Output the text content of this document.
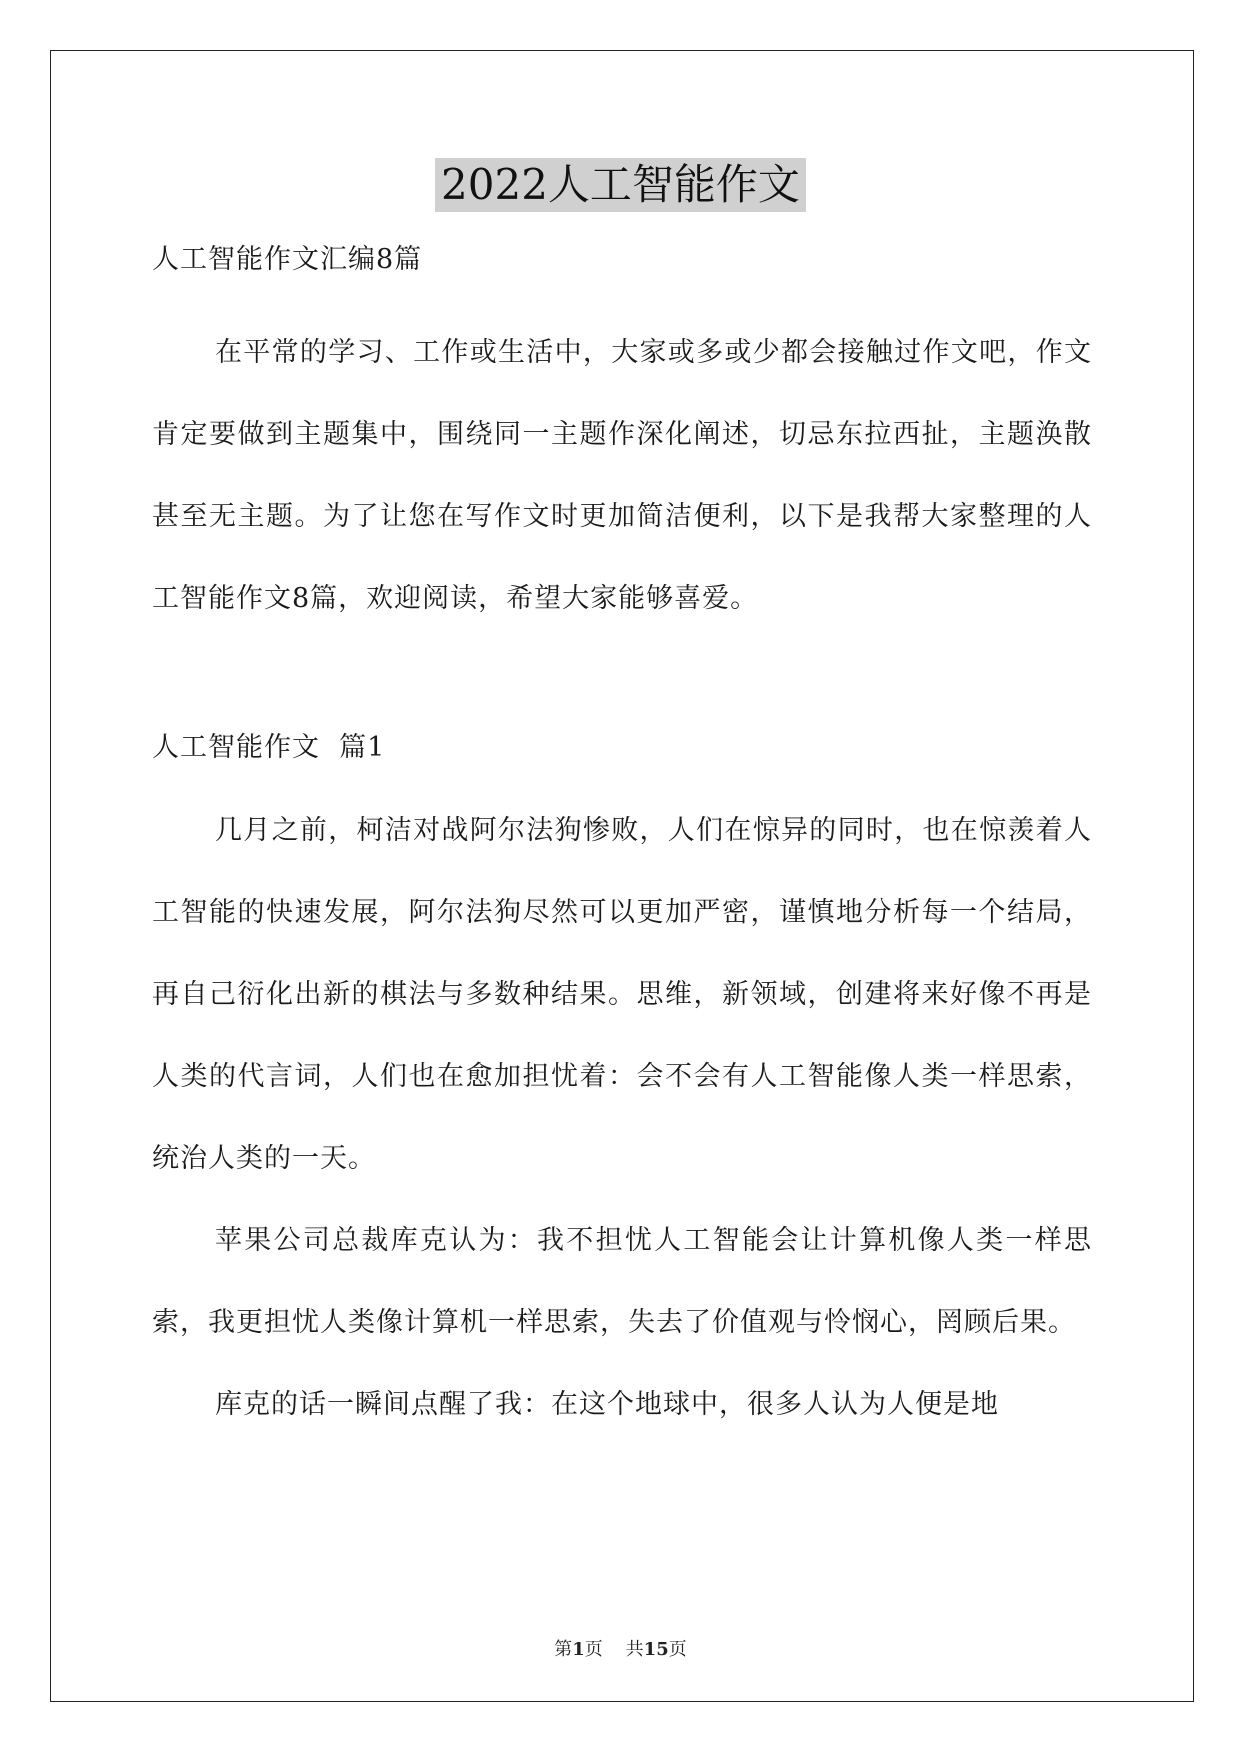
2022人工智能作文
人工智能作文汇编8篇

在平常的学习、工作或生活中，大家或多或少都会接触过作文吧，作文肯定要做到主题集中，围绕同一主题作深化阐述，切忌东拉西扯，主题涣散甚至无主题。为了让您在写作文时更加简洁便利，以下是我帮大家整理的人工智能作文8篇，欢迎阅读，希望大家能够喜爱。

人工智能作文  篇1

几月之前，柯洁对战阿尔法狗惨败，人们在惊异的同时，也在惊羡着人工智能的快速发展，阿尔法狗尽然可以更加严密，谨慎地分析每一个结局，再自己衍化出新的棋法与多数种结果。思维，新领域，创建将来好像不再是人类的代言词，人们也在愈加担忧着：会不会有人工智能像人类一样思索，统治人类的一天。

苹果公司总裁库克认为：我不担忧人工智能会让计算机像人类一样思索，我更担忧人类像计算机一样思索，失去了价值观与怜悯心，罔顾后果。

库克的话一瞬间点醒了我：在这个地球中，很多人认为人便是地

第1页 共15页
